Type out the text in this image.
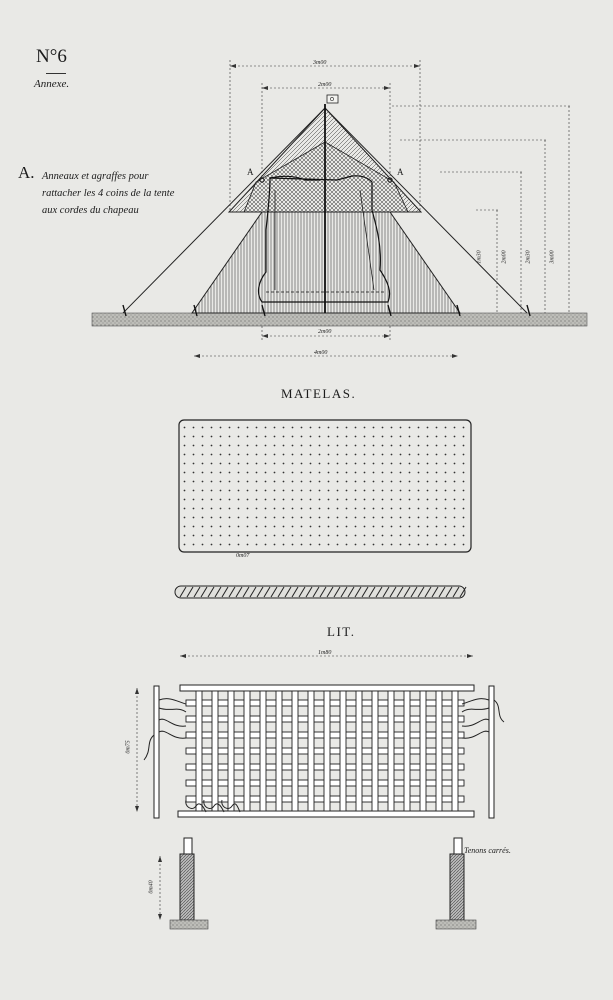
N°6
Annexe.
A. Anneaux et agraffes pour rattacher les 4 coins de la tente aux cordes du chapeau
A	A
3m00
2m00
2m00
4m00
1m30	2m00	2m30	3m00
MATELAS.
0m07
LIT.
1m80
0m75
0m40
Tenons carrés.
